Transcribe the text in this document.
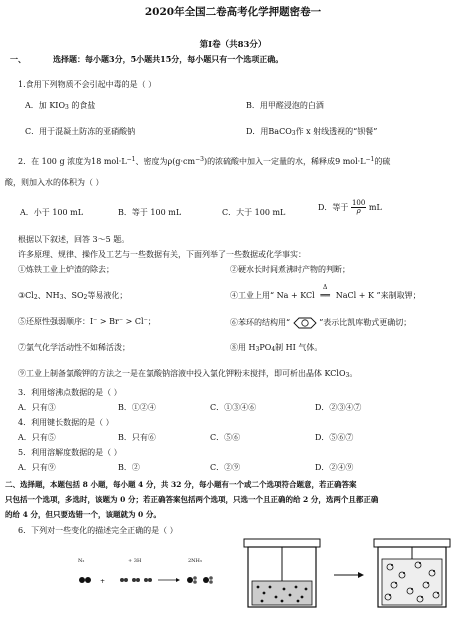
2020年全国二卷高考化学押题密卷一
第Ⅰ卷（共83分）
一、	选择题：每小题3分，5小题共15分，每小题只有一个选项正确。
1.食用下列物质不会引起中毒的是（ ）
A．加 KIO3 的食盐	B．用甲醛浸泡的白酒
C．用于混凝土防冻的亚硝酸钠	D．用BaCO3作 x 射线透视的“钡餐”
2．在 100 g 浓度为18 $mol\cdot L^{-1}$、密度为$\rho(g\cdot cm^{-3})$的浓硫酸中加入一定量的水，稀释成9 $mol\cdot L^{-1}$的硫
酸，则加入水的体积为（ ）
A．小于 100 mL	B．等于 100 mL	C．大于 100 mL
D．等于 $\frac{100}{\rho}$ mL
根据以下叙述，回答 3～5 题。
许多原理、规律、操作及工艺与一些数据有关，下面列举了一些数据或化学事实：
①炼铁工业上炉渣的除去；	②硬水长时间煮沸时产物的判断；
③Cl2、NH3、SO2等易液化；	④工业上用“ Na + KCl
Δ
══ NaCl + K ”来制取钾；
⑤还原性强弱顺序：I⁻ > Br⁻ > Cl⁻；	⑥苯环的结构用“	”表示比凯库勒式更确切；
⑦氯气化学活动性不如稀活泼；	⑧用 H3PO4制 HI 气体。
⑨工业上制备氯酸钾的方法之一是在氯酸钠溶液中投入氯化钾粉末搅拌，即可析出晶体 KClO3。
3．利用熔沸点数据的是（ ）
A．只有③	B．①②④	C．①③④⑥	D．②③④⑦
4．利用键长数据的是（ ）
A．只有⑤	B．只有⑥	C．⑤⑥	D．⑤⑥⑦
5．利用溶解度数据的是（ ）
A．只有⑨	B．②	C．②⑨	D．②④⑨
二、选择题，本题包括 8 小题，每小题 4 分，共 32 分，每小题有一个或二个选项符合题意，若正确答案
只包括一个选项，多选时，该题为 0 分；若正确答案包括两个选项，只选一个且正确的给 2 分，选两个且都正确
的给 4 分，但只要选错一个，该题就为 0 分。
6．下列对一些变化的描述完全正确的是（ ）
N₂	+ 3H	2NH₃
+
